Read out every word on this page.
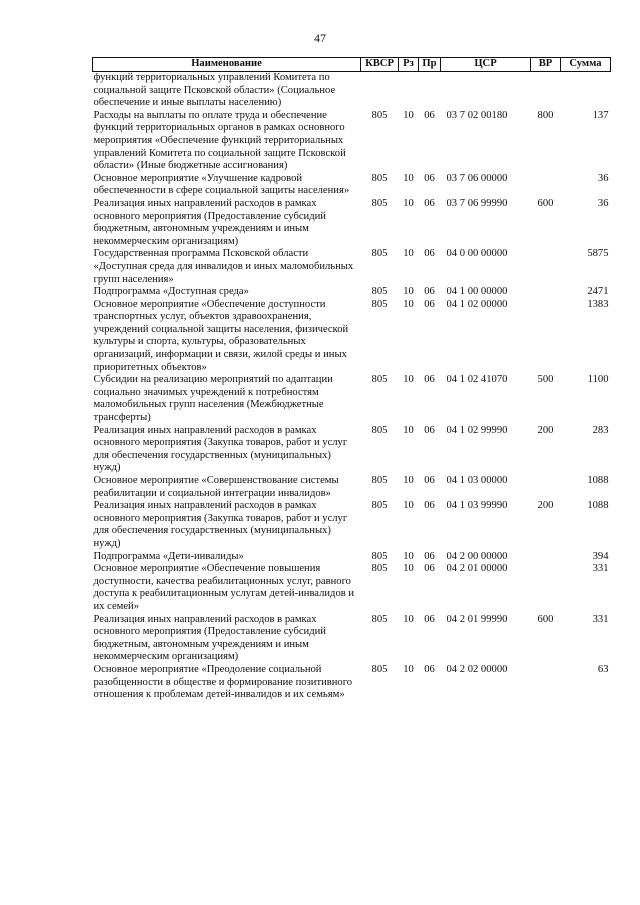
47
Наименование	КВСР	Рз	Пр	ЦСР	ВР	Сумма
функций территориальных управлений Комитета по социальной защите Псковской области» (Социальное обеспечение и иные выплаты населению)						
Расходы на выплаты по оплате труда и обеспечение функций территориальных органов в рамках основного мероприятия «Обеспечение функций территориальных управлений Комитета по социальной защите Псковской области» (Иные бюджетные ассигнования)	805	10	06	03 7 02 00180	800	137
Основное мероприятие «Улучшение кадровой обеспеченности в сфере социальной защиты населения»	805	10	06	03 7 06 00000		36
Реализация иных направлений расходов в рамках основного мероприятия (Предоставление субсидий бюджетным, автономным учреждениям и иным некоммерческим организациям)	805	10	06	03 7 06 99990	600	36
Государственная программа Псковской области «Доступная среда для инвалидов и иных маломобильных групп населения»	805	10	06	04 0 00 00000		5875
Подпрограмма «Доступная среда»	805	10	06	04 1 00 00000		2471
Основное мероприятие «Обеспечение доступности транспортных услуг, объектов здравоохранения, учреждений социальной защиты населения, физической культуры и спорта, культуры, образовательных организаций, информации и связи, жилой среды и иных приоритетных объектов»	805	10	06	04 1 02 00000		1383
Субсидии на реализацию мероприятий по адаптации социально значимых учреждений к потребностям маломобильных групп населения (Межбюджетные трансферты)	805	10	06	04 1 02 41070	500	1100
Реализация иных направлений расходов в рамках основного мероприятия (Закупка товаров, работ и услуг для обеспечения государственных (муниципальных) нужд)	805	10	06	04 1 02 99990	200	283
Основное мероприятие «Совершенствование системы реабилитации и социальной интеграции инвалидов»	805	10	06	04 1 03 00000		1088
Реализация иных направлений расходов в рамках основного мероприятия (Закупка товаров, работ и услуг для обеспечения государственных (муниципальных) нужд)	805	10	06	04 1 03 99990	200	1088
Подпрограмма «Дети-инвалиды»	805	10	06	04 2 00 00000		394
Основное мероприятие «Обеспечение повышения доступности, качества реабилитационных услуг, равного доступа к реабилитационным услугам детей-инвалидов и их семей»	805	10	06	04 2 01 00000		331
Реализация иных направлений расходов в рамках основного мероприятия (Предоставление субсидий бюджетным, автономным учреждениям и иным некоммерческим организациям)	805	10	06	04 2 01 99990	600	331
Основное мероприятие «Преодоление социальной разобщенности в обществе и формирование позитивного отношения к проблемам детей-инвалидов и их семьям»	805	10	06	04 2 02 00000		63
